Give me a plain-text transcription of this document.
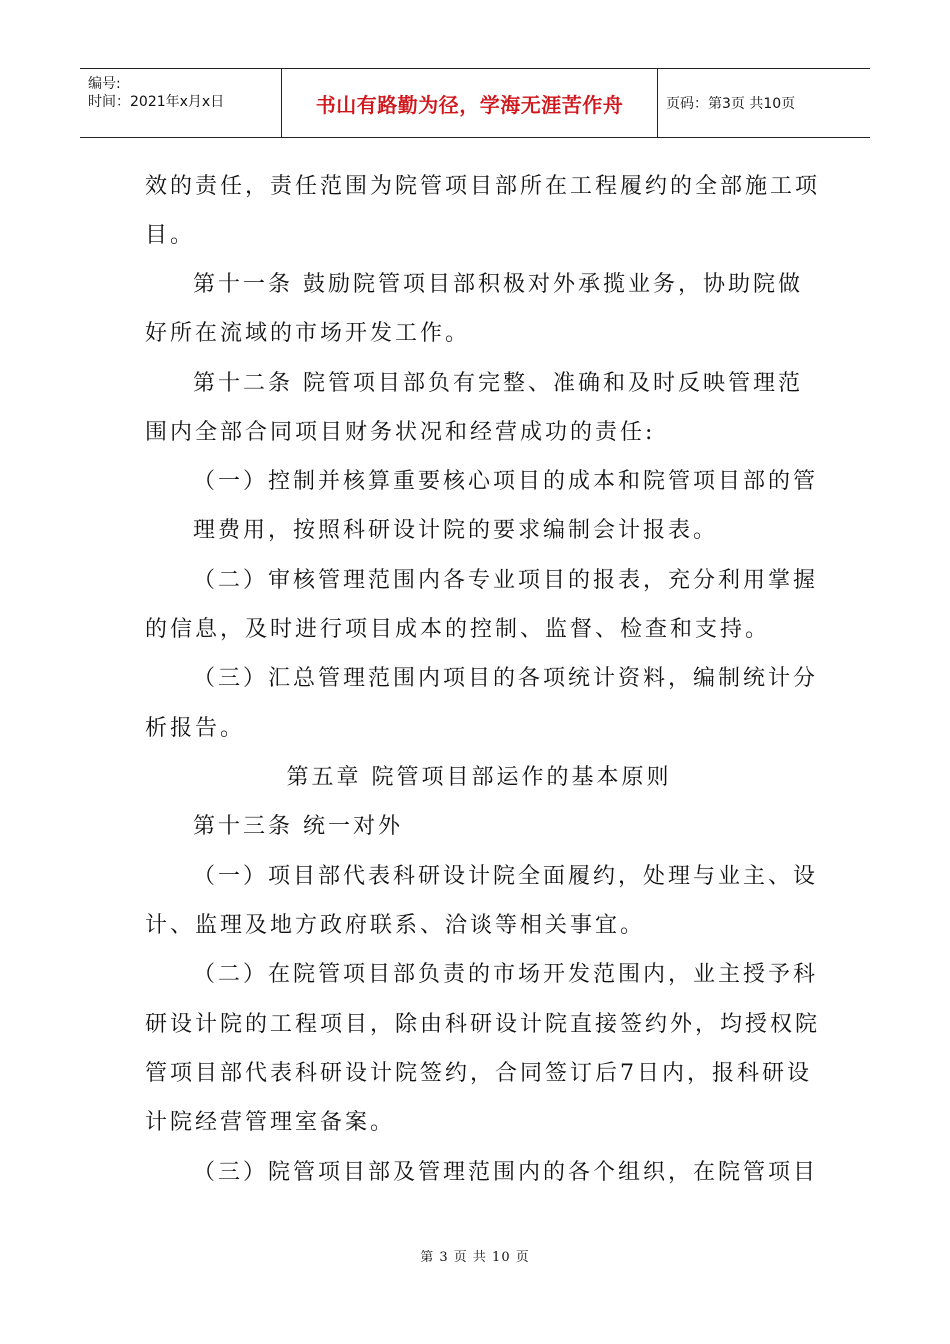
编号:
时间：2021年x月x日	书山有路勤为径，学海无涯苦作舟	页码：第3页 共10页
效的责任，责任范围为院管项目部所在工程履约的全部施工项
目。
第十一条 鼓励院管项目部积极对外承揽业务，协助院做
好所在流域的市场开发工作。
第十二条 院管项目部负有完整、准确和及时反映管理范
围内全部合同项目财务状况和经营成功的责任:
（一）控制并核算重要核心项目的成本和院管项目部的管
理费用，按照科研设计院的要求编制会计报表。
（二）审核管理范围内各专业项目的报表，充分利用掌握
的信息，及时进行项目成本的控制、监督、检查和支持。
（三）汇总管理范围内项目的各项统计资料，编制统计分
析报告。
第五章 院管项目部运作的基本原则
第十三条 统一对外
（一）项目部代表科研设计院全面履约，处理与业主、设
计、监理及地方政府联系、洽谈等相关事宜。
（二）在院管项目部负责的市场开发范围内，业主授予科
研设计院的工程项目，除由科研设计院直接签约外，均授权院
管项目部代表科研设计院签约，合同签订后7日内，报科研设
计院经营管理室备案。
（三）院管项目部及管理范围内的各个组织，在院管项目
第 3 页 共 10 页
